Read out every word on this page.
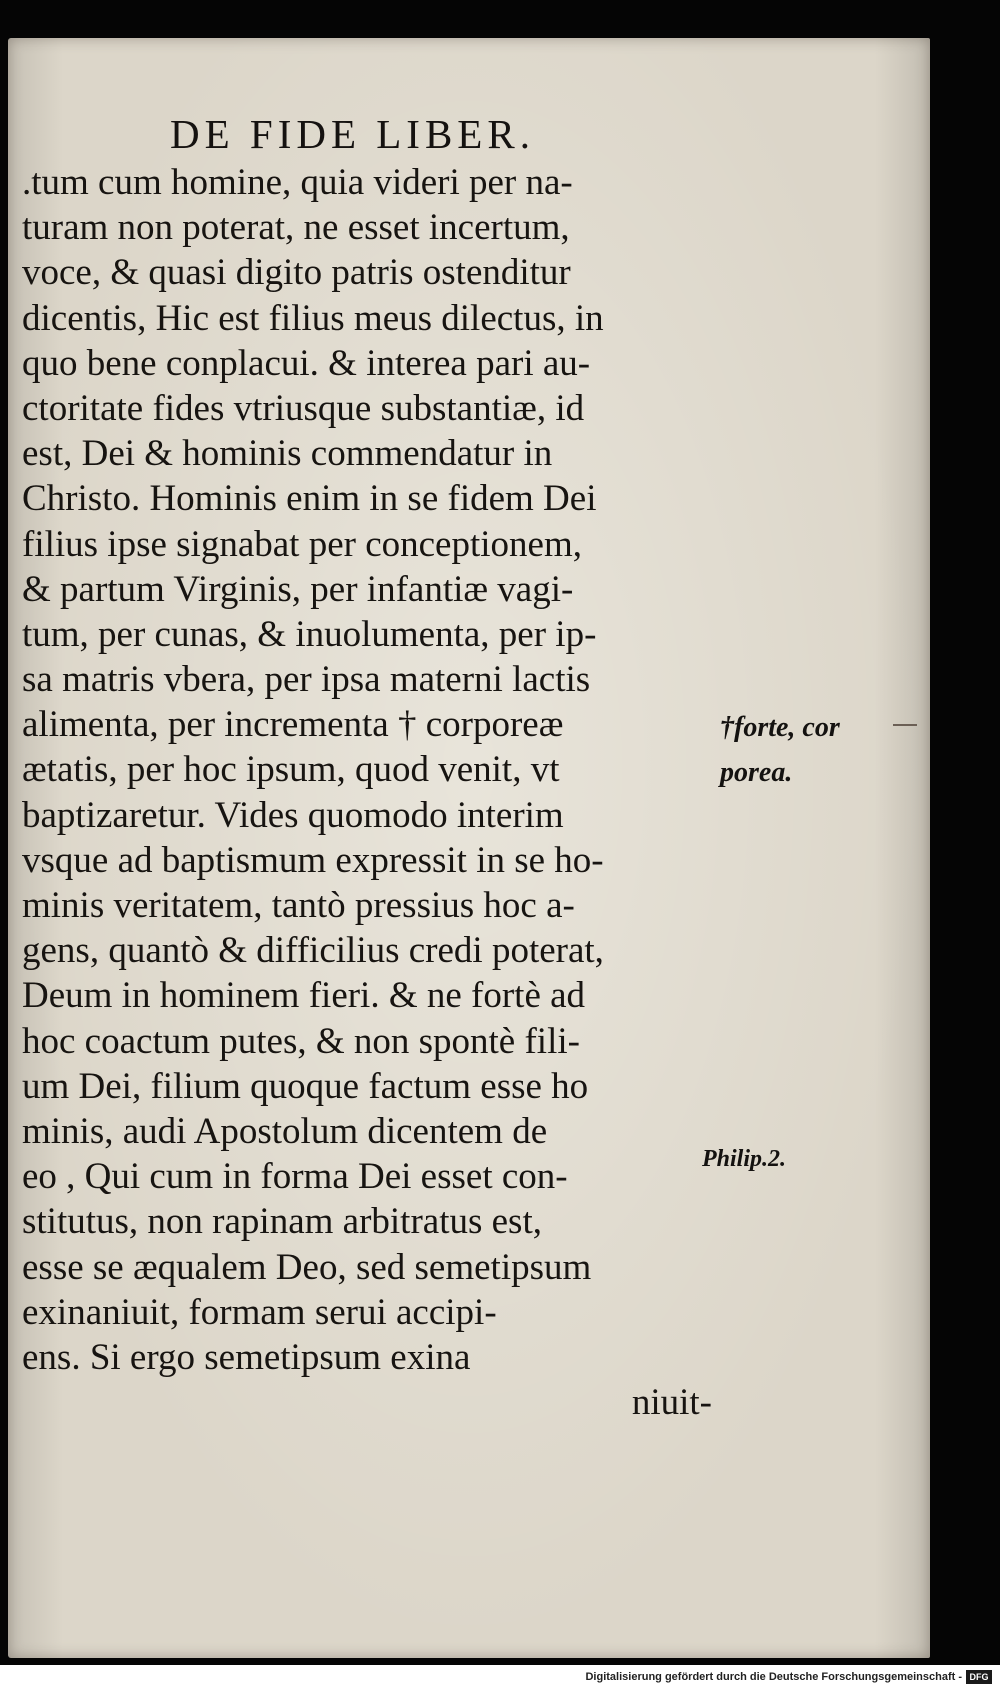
DE FIDE LIBER.
.tum cum homine, quia videri per na-
turam non poterat, ne esset incertum,
voce, & quasi digito patris ostenditur
dicentis, Hic est filius meus dilectus, in
quo bene conplacui. & interea pari au-
ctoritate fides vtriusque substantiæ, id
est, Dei & hominis commendatur in
Christo. Hominis enim in se fidem Dei
filius ipse signabat per conceptionem,
& partum Virginis, per infantiæ vagi-
tum, per cunas, & inuolumenta, per ip-
sa matris vbera, per ipsa materni lactis
alimenta, per incrementa † corporeæ
ætatis, per hoc ipsum, quod venit, vt
baptizaretur. Vides quomodo interim
vsque ad baptismum expressit in se ho-
minis veritatem, tantò pressius hoc a-
gens, quantò & difficilius credi poterat,
Deum in hominem fieri. & ne fortè ad
hoc coactum putes, & non spontè fili-
um Dei, filium quoque factum esse ho
minis, audi Apostolum dicentem de
eo , Qui cum in forma Dei esset con-
stitutus, non rapinam arbitratus est,
esse se æqualem Deo, sed semetipsum
exinaniuit, formam serui accipi-
ens. Si ergo semetipsum exina
niuit-
†forte, cor
porea.
Philip.2.
Digitalisierung gefördert durch die Deutsche Forschungsgemeinschaft - DFG
